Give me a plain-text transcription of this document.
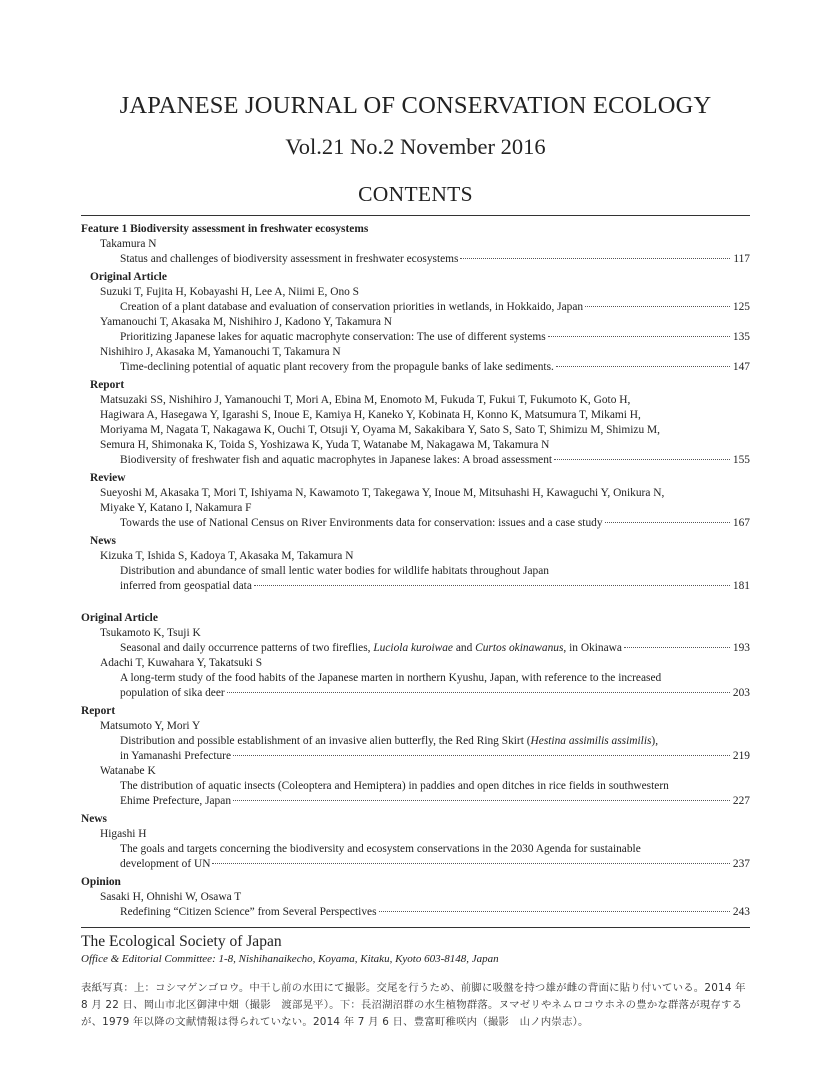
JAPANESE JOURNAL OF CONSERVATION ECOLOGY
Vol.21 No.2 November 2016
CONTENTS
Feature 1 Biodiversity assessment in freshwater ecosystems
Takamura N
Status and challenges of biodiversity assessment in freshwater ecosystems	117
Original Article
Suzuki T, Fujita H, Kobayashi H, Lee A, Niimi E, Ono S
Creation of a plant database and evaluation of conservation priorities in wetlands, in Hokkaido, Japan	125
Yamanouchi T, Akasaka M, Nishihiro J, Kadono Y, Takamura N
Prioritizing Japanese lakes for aquatic macrophyte conservation: The use of different systems	135
Nishihiro J, Akasaka M, Yamanouchi T, Takamura N
Time-declining potential of aquatic plant recovery from the propagule banks of lake sediments.	147
Report
Matsuzaki SS, Nishihiro J, Yamanouchi T, Mori A, Ebina M, Enomoto M, Fukuda T, Fukui T, Fukumoto K, Goto H,
Hagiwara A, Hasegawa Y, Igarashi S, Inoue E, Kamiya H, Kaneko Y, Kobinata H, Konno K, Matsumura T, Mikami H,
Moriyama M, Nagata T, Nakagawa K, Ouchi T, Otsuji Y, Oyama M, Sakakibara Y, Sato S, Sato T, Shimizu M, Shimizu M,
Semura H, Shimonaka K, Toida S, Yoshizawa K, Yuda T, Watanabe M, Nakagawa M, Takamura N
Biodiversity of freshwater fish and aquatic macrophytes in Japanese lakes: A broad assessment	155
Review
Sueyoshi M, Akasaka T, Mori T, Ishiyama N, Kawamoto T, Takegawa Y, Inoue M, Mitsuhashi H, Kawaguchi Y, Onikura N,
Miyake Y, Katano I, Nakamura F
Towards the use of National Census on River Environments data for conservation: issues and a case study	167
News
Kizuka T, Ishida S, Kadoya T, Akasaka M, Takamura N
Distribution and abundance of small lentic water bodies for wildlife habitats throughout Japan
inferred from geospatial data	181
Original Article
Tsukamoto K, Tsuji K
Seasonal and daily occurrence patterns of two fireflies, Luciola kuroiwae and Curtos okinawanus, in Okinawa	193
Adachi T, Kuwahara Y, Takatsuki S
A long-term study of the food habits of the Japanese marten in northern Kyushu, Japan, with reference to the increased
population of sika deer	203
Report
Matsumoto Y, Mori Y
Distribution and possible establishment of an invasive alien butterfly, the Red Ring Skirt (Hestina assimilis assimilis),
in Yamanashi Prefecture	219
Watanabe K
The distribution of aquatic insects (Coleoptera and Hemiptera) in paddies and open ditches in rice fields in southwestern
Ehime Prefecture, Japan	227
News
Higashi H
The goals and targets concerning the biodiversity and ecosystem conservations in the 2030 Agenda for sustainable
development of UN	237
Opinion
Sasaki H, Ohnishi W, Osawa T
Redefining “Citizen Science” from Several Perspectives	243
The Ecological Society of Japan
Office & Editorial Committee: 1-8, Nishihanaikecho, Koyama, Kitaku, Kyoto 603-8148, Japan
表紙写真：上：コシマゲンゴロウ。中干し前の水田にて撮影。交尾を行うため、前脚に吸盤を持つ雄が雌の背面に貼り付いている。2014 年 8 月 22 日、岡山市北区御津中畑（撮影　渡部晃平）。下：長沼湖沼群の水生植物群落。ヌマゼリやネムロコウホネの豊かな群落が現存するが、1979 年以降の文献情報は得られていない。2014 年 7 月 6 日、豊富町稚咲内（撮影　山ノ内崇志）。
